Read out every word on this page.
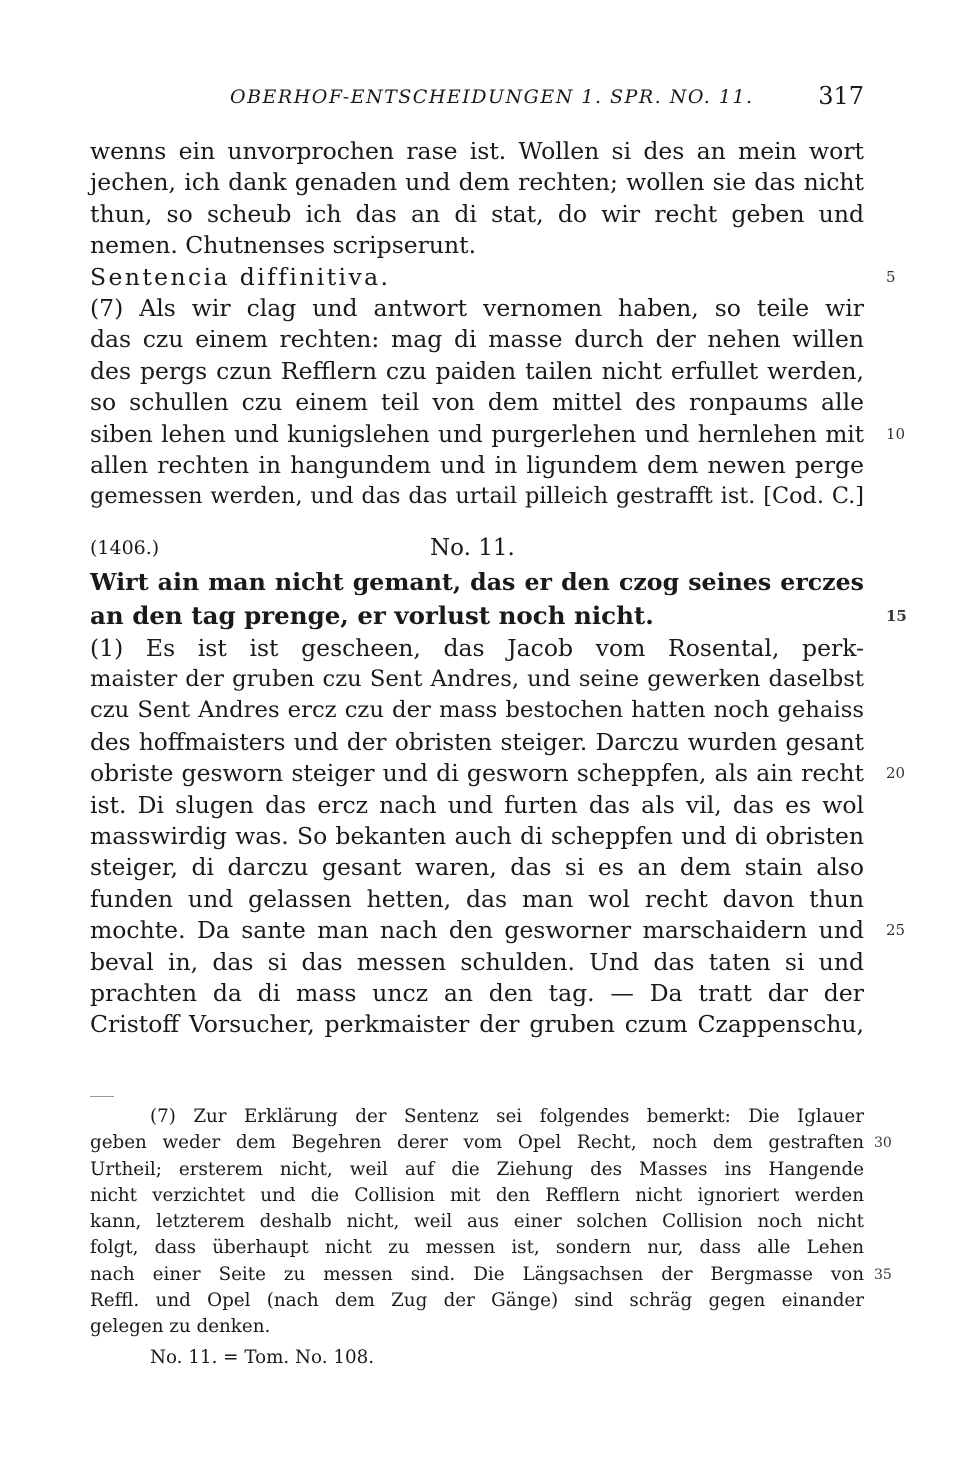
OBERHOF-ENTSCHEIDUNGEN 1. SPR. NO. 11.	317
wenns ein unvorprochen rase ist. Wollen si des an mein wort
jechen, ich dank genaden und dem rechten; wollen sie das nicht
thun, so scheub ich das an di stat, do wir recht geben und
nemen. Chutnenses scripserunt.
Sentencia diffinitiva.	5
(7) Als wir clag und antwort vernomen haben, so teile wir
das czu einem rechten: mag di masse durch der nehen willen
des pergs czun Refflern czu paiden tailen nicht erfullet werden,
so schullen czu einem teil von dem mittel des ronpaums alle
siben lehen und kunigslehen und purgerlehen und hernlehen mit 10
allen rechten in hangundem und in ligundem dem newen perge
gemessen werden, und das das urtail pilleich gestrafft ist. [Cod. C.]
(1406.)	No. 11.
Wirt ain man nicht gemant, das er den czog seines erczes
an den tag prenge, er vorlust noch nicht.	15
(1) Es ist ist gescheen, das Jacob vom Rosental, perk-
maister der gruben czu Sent Andres, und seine gewerken daselbst
czu Sent Andres ercz czu der mass bestochen hatten noch gehaiss
des hoffmaisters und der obristen steiger. Darczu wurden gesant
obriste gesworn steiger und di gesworn scheppfen, als ain recht 20
ist. Di slugen das ercz nach und furten das als vil, das es wol
masswirdig was. So bekanten auch di scheppfen und di obristen
steiger, di darczu gesant waren, das si es an dem stain also
funden und gelassen hetten, das man wol recht davon thun
mochte. Da sante man nach den gesworner marschaidern und 25
beval in, das si das messen schulden. Und das taten si und
prachten da di mass uncz an den tag. — Da tratt dar der
Cristoff Vorsucher, perkmaister der gruben czum Czappenschu,
(7) Zur Erklärung der Sentenz sei folgendes bemerkt: Die Iglauer
geben weder dem Begehren derer vom Opel Recht, noch dem gestraften 30
Urtheil; ersterem nicht, weil auf die Ziehung des Masses ins Hangende
nicht verzichtet und die Collision mit den Refflern nicht ignoriert werden
kann, letzterem deshalb nicht, weil aus einer solchen Collision noch nicht
folgt, dass überhaupt nicht zu messen ist, sondern nur, dass alle Lehen
nach einer Seite zu messen sind. Die Längsachsen der Bergmasse von 35
Reffl. und Opel (nach dem Zug der Gänge) sind schräg gegen einander
gelegen zu denken.
No. 11. = Tom. No. 108.
